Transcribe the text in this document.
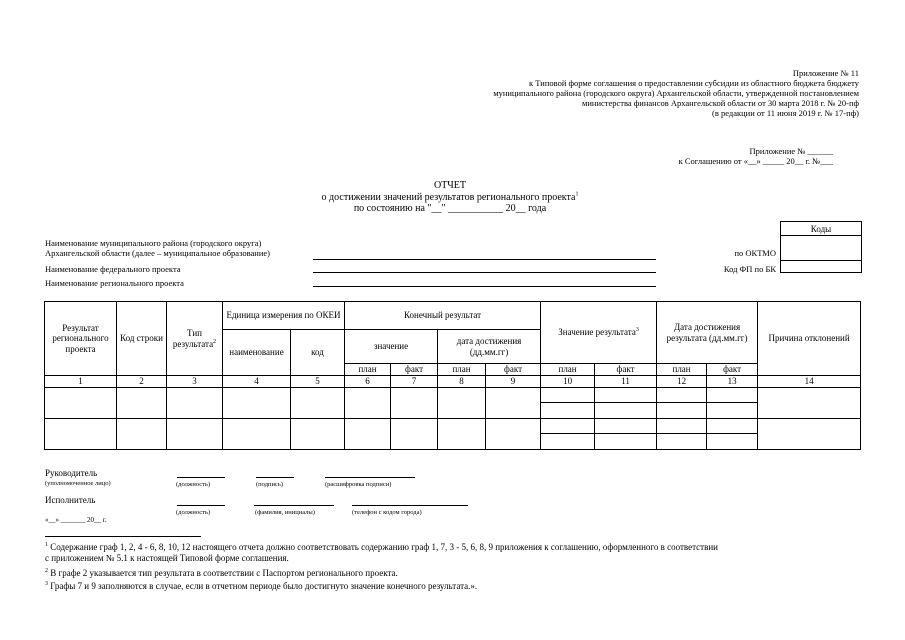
Приложение № 11
к Типовой форме соглашения о предоставлении субсидии из областного бюджета бюджету
муниципального района (городского округа) Архангельской области, утвержденной постановлением
министерства финансов Архангельской области от 30 марта 2018 г. № 20-пф
(в редакции от 11 июня 2019 г. № 17-пф)
Приложение № ______
к Соглашению от «__» _____ 20__ г. №___
ОТЧЕТ
о достижении значений результатов регионального проекта$^1$
по состоянию на "__" ___________ 20__ года
Коды

Наименование муниципального района (городского округа)
Архангельской области (далее – муниципальное образование)
Наименование федерального проекта
Наименование регионального проекта
по ОКТМО
Код ФП по БК
Результат регионального проекта	Код строки	Тип результата$^2$	Единица измерения по ОКЕИ		Конечный результат				Значение результата$^3$		Дата достижения результата (дд.мм.гг)		Причина отклонений
			наименование	код	значение		дата достижения (дд.мм.гг)						
					план	факт	план	факт	план	факт	план	факт	
1	2	3	4	5	6	7	8	9	10	11	12	13	14

Руководитель
(уполномоченное лицо)	(должность)	(подпись)	(расшифровка подписи)
Исполнитель
(должность)	(фамилия, инициалы)	(телефон с кодом города)
«__» _______ 20__ г.
$^1$ Содержание граф 1, 2, 4 - 6, 8, 10, 12 настоящего отчета должно соответствовать содержанию граф 1, 7, 3 - 5, 6, 8, 9 приложения к соглашению, оформленного в соответствии
с приложением № 5.1 к настоящей Типовой форме соглашения.
$^2$ В графе 2 указывается тип результата в соответствии с Паспортом регионального проекта.
$^3$ Графы 7 и 9 заполняются в случае, если в отчетном периоде было достигнуто значение конечного результата.».
